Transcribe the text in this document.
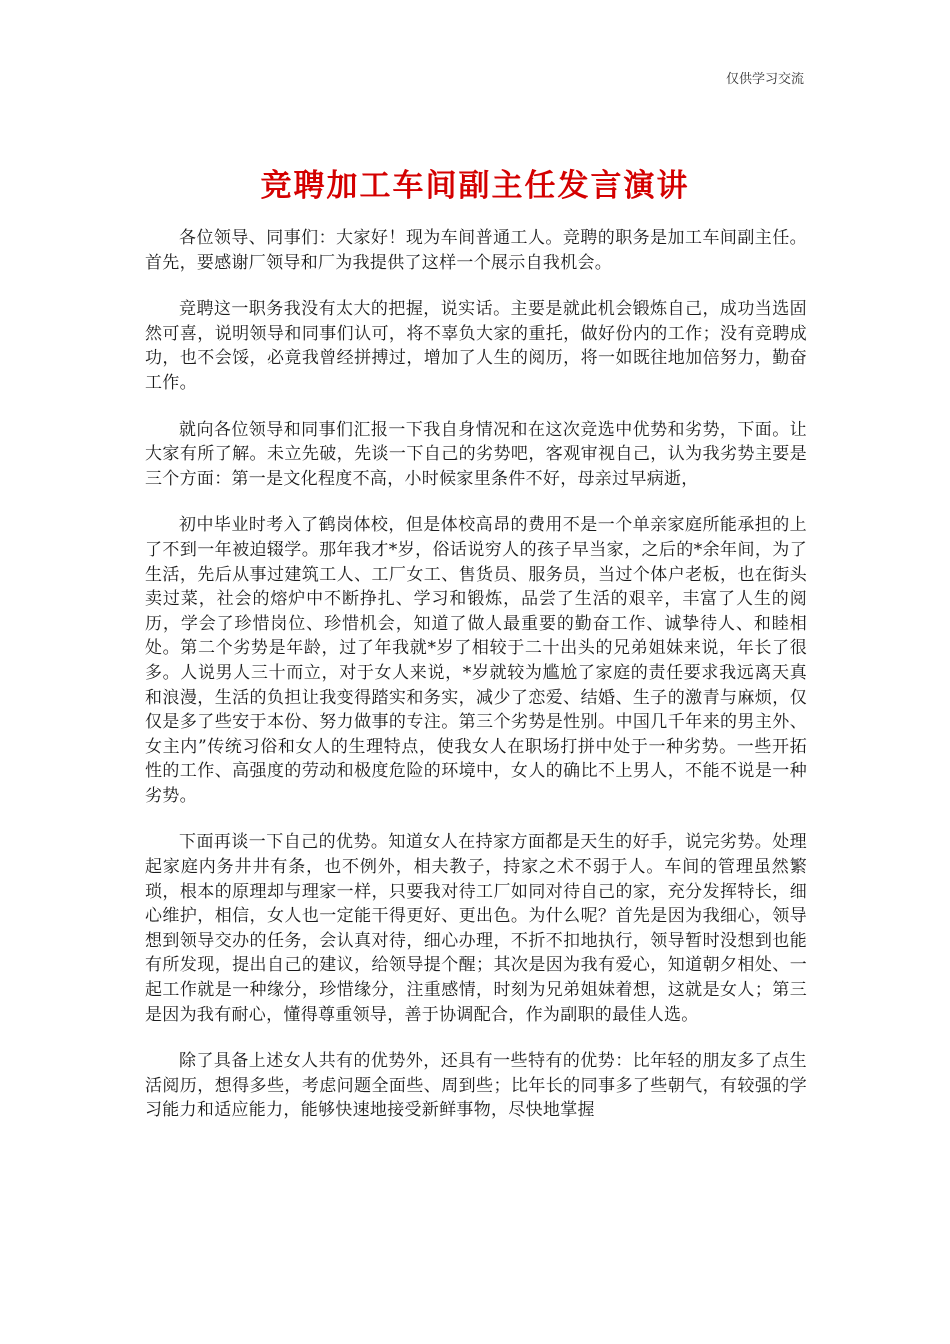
仅供学习交流
竞聘加工车间副主任发言演讲

各位领导、同事们：大家好！现为车间普通工人。竞聘的职务是加工车间副主任。首先，要感谢厂领导和厂为我提供了这样一个展示自我机会。

竞聘这一职务我没有太大的把握，说实话。主要是就此机会锻炼自己，成功当选固然可喜，说明领导和同事们认可，将不辜负大家的重托，做好份内的工作；没有竞聘成功，也不会馁，必竟我曾经拼搏过，增加了人生的阅历，将一如既往地加倍努力，勤奋工作。

就向各位领导和同事们汇报一下我自身情况和在这次竞选中优势和劣势，下面。让大家有所了解。未立先破，先谈一下自己的劣势吧，客观审视自己，认为我劣势主要是三个方面：第一是文化程度不高，小时候家里条件不好，母亲过早病逝，

初中毕业时考入了鹤岗体校，但是体校高昂的费用不是一个单亲家庭所能承担的上了不到一年被迫辍学。那年我才*岁，俗话说穷人的孩子早当家，之后的*余年间，为了生活，先后从事过建筑工人、工厂女工、售货员、服务员，当过个体户老板，也在街头卖过菜，社会的熔炉中不断挣扎、学习和锻炼，品尝了生活的艰辛，丰富了人生的阅历，学会了珍惜岗位、珍惜机会，知道了做人最重要的勤奋工作、诚挚待人、和睦相处。第二个劣势是年龄，过了年我就*岁了相较于二十出头的兄弟姐妹来说，年长了很多。人说男人三十而立，对于女人来说，*岁就较为尴尬了家庭的责任要求我远离天真和浪漫，生活的负担让我变得踏实和务实，减少了恋爱、结婚、生子的激青与麻烦，仅仅是多了些安于本份、努力做事的专注。第三个劣势是性别。中国几千年来的男主外、女主内”传统习俗和女人的生理特点，使我女人在职场打拼中处于一种劣势。一些开拓性的工作、高强度的劳动和极度危险的环境中，女人的确比不上男人，不能不说是一种劣势。

下面再谈一下自己的优势。知道女人在持家方面都是天生的好手，说完劣势。处理起家庭内务井井有条，也不例外，相夫教子，持家之术不弱于人。车间的管理虽然繁琐，根本的原理却与理家一样，只要我对待工厂如同对待自己的家，充分发挥特长，细心维护，相信，女人也一定能干得更好、更出色。为什么呢？首先是因为我细心，领导想到领导交办的任务，会认真对待，细心办理，不折不扣地执行，领导暂时没想到也能有所发现，提出自己的建议，给领导提个醒；其次是因为我有爱心，知道朝夕相处、一起工作就是一种缘分，珍惜缘分，注重感情，时刻为兄弟姐妹着想，这就是女人；第三是因为我有耐心，懂得尊重领导，善于协调配合，作为副职的最佳人选。

除了具备上述女人共有的优势外，还具有一些特有的优势：比年轻的朋友多了点生活阅历，想得多些，考虑问题全面些、周到些；比年长的同事多了些朝气，有较强的学习能力和适应能力，能够快速地接受新鲜事物，尽快地掌握
